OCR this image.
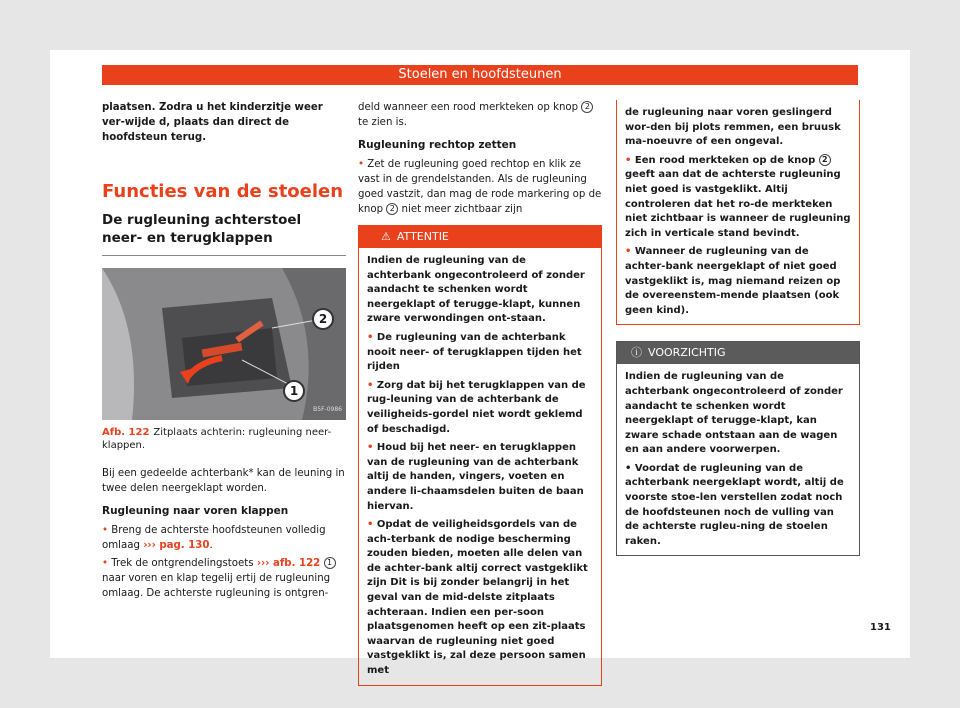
Stoelen en hoofdsteunen

plaatsen. Zodra u het kinderzitje weer ver-wijde d, plaats dan direct de hoofdsteun terug.

Functies van de stoelen
De rugleuning achterstoel neer- en terugklappen
1
2
B5F-0986
Afb. 122 Zitplaats achterin: rugleuning neer-klappen.

Bij een gedeelde achterbank* kan de leuning in twee delen neergeklapt worden.

Rugleuning naar voren klappen

• Breng de achterste hoofdsteunen volledig omlaag ››› pag. 130.

• Trek de ontgrendelingstoets ››› afb. 122 1 naar voren en klap tegelij ertij de rugleuning omlaag. De achterste rugleuning is ontgren-

deld wanneer een rood merkteken op knop 2 te zien is.

Rugleuning rechtop zetten

• Zet de rugleuning goed rechtop en klik ze vast in de grendelstanden. Als de rugleuning goed vastzit, dan mag de rode markering op de knop 2 niet meer zichtbaar zijn

⚠ ATTENTIE

Indien de rugleuning van de achterbank ongecontroleerd of zonder aandacht te schenken wordt neergeklapt of terugge-klapt, kunnen zware verwondingen ont-staan.

• De rugleuning van de achterbank nooit neer- of terugklappen tijden het rijden

• Zorg dat bij het terugklappen van de rug-leuning van de achterbank de veiligheids-gordel niet wordt geklemd of beschadigd.

• Houd bij het neer- en terugklappen van de rugleuning van de achterbank altij de handen, vingers, voeten en andere li-chaamsdelen buiten de baan hiervan.

• Opdat de veiligheidsgordels van de ach-terbank de nodige bescherming zouden bieden, moeten alle delen van de achter-bank altij correct vastgeklikt zijn Dit is bij zonder belangrij in het geval van de mid-delste zitplaats achteraan. Indien een per-soon plaatsgenomen heeft op een zit-plaats waarvan de rugleuning niet goed vastgeklikt is, zal deze persoon samen met

de rugleuning naar voren geslingerd wor-den bij plots remmen, een bruusk ma-noeuvre of een ongeval.

• Een rood merkteken op de knop 2 geeft aan dat de achterste rugleuning niet goed is vastgeklikt. Altij controleren dat het ro-de merkteken niet zichtbaar is wanneer de rugleuning zich in verticale stand bevindt.

• Wanneer de rugleuning van de achter-bank neergeklapt of niet goed vastgeklikt is, mag niemand reizen op de overeenstem-mende plaatsen (ook geen kind).

ⓘ VOORZICHTIG

Indien de rugleuning van de achterbank ongecontroleerd of zonder aandacht te schenken wordt neergeklapt of terugge-klapt, kan zware schade ontstaan aan de wagen en aan andere voorwerpen.

• Voordat de rugleuning van de achterbank neergeklapt wordt, altij de voorste stoe-len verstellen zodat noch de hoofdsteunen noch de vulling van de achterste rugleu-ning de stoelen raken.

131
